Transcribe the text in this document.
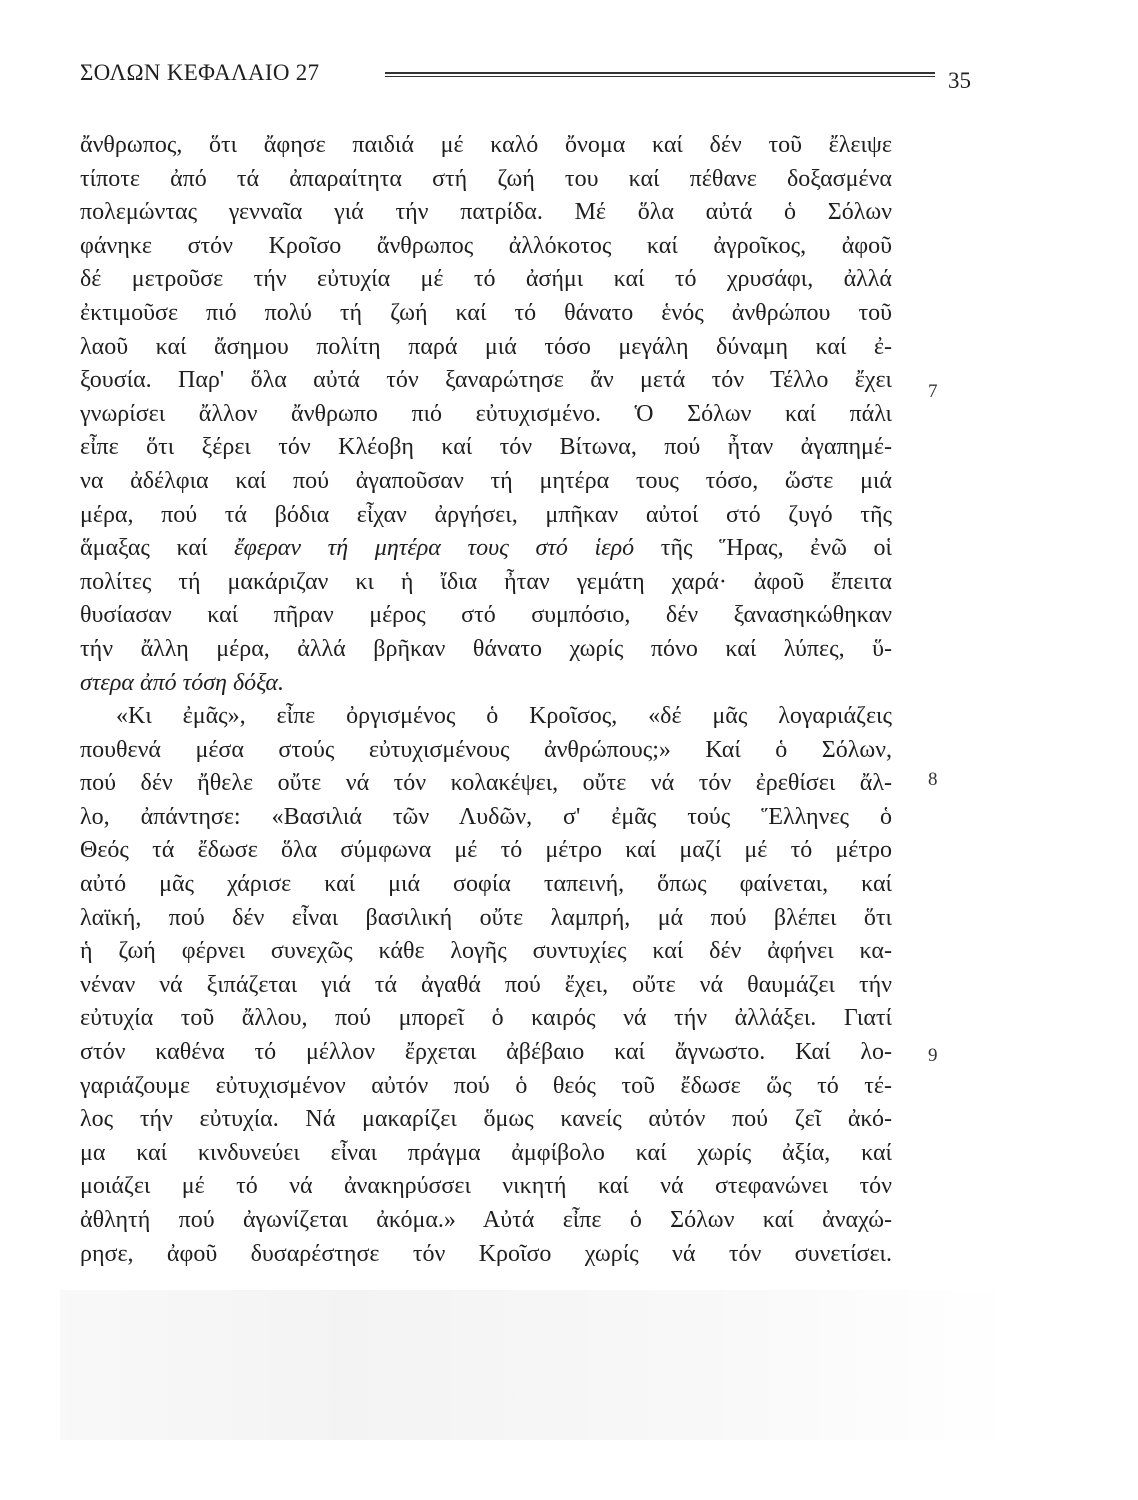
ΣΟΛΩΝ ΚΕΦΑΛΑΙΟ 27	35
ἄνθρωπος, ὅτι ἄφησε παιδιά μέ καλό ὄνομα καί δέν τοῦ ἔλειψε
τίποτε ἀπό τά ἀπαραίτητα στή ζωή του καί πέθανε δοξασμένα
πολεμώντας γενναῖα γιά τήν πατρίδα. Μέ ὅλα αὐτά ὁ Σόλων
φάνηκε στόν Κροῖσο ἄνθρωπος ἀλλόκοτος καί ἀγροῖκος, ἀφοῦ
δέ μετροῦσε τήν εὐτυχία μέ τό ἀσήμι καί τό χρυσάφι, ἀλλά
ἐκτιμοῦσε πιό πολύ τή ζωή καί τό θάνατο ἑνός ἀνθρώπου τοῦ
λαοῦ καί ἄσημου πολίτη παρά μιά τόσο μεγάλη δύναμη καί ἐ-
ξουσία. Παρ' ὅλα αὐτά τόν ξαναρώτησε ἄν μετά τόν Τέλλο ἔχει
γνωρίσει ἄλλον ἄνθρωπο πιό εὐτυχισμένο. Ὁ Σόλων καί πάλι
εἶπε ὅτι ξέρει τόν Κλέοβη καί τόν Βίτωνα, πού ἦταν ἀγαπημέ-
να ἀδέλφια καί πού ἀγαποῦσαν τή μητέρα τους τόσο, ὥστε μιά
μέρα, πού τά βόδια εἶχαν ἀργήσει, μπῆκαν αὐτοί στό ζυγό τῆς
ἅμαξας καί ἔφεραν τή μητέρα τους στό ἱερό τῆς Ἥρας, ἐνῶ οἱ
πολίτες τή μακάριζαν κι ἡ ἴδια ἦταν γεμάτη χαρά· ἀφοῦ ἔπειτα
θυσίασαν καί πῆραν μέρος στό συμπόσιο, δέν ξανασηκώθηκαν
τήν ἄλλη μέρα, ἀλλά βρῆκαν θάνατο χωρίς πόνο καί λύπες, ὕ-
στερα ἀπό τόση δόξα.
«Κι ἐμᾶς», εἶπε ὀργισμένος ὁ Κροῖσος, «δέ μᾶς λογαριάζεις
πουθενά μέσα στούς εὐτυχισμένους ἀνθρώπους;» Καί ὁ Σόλων,
πού δέν ἤθελε οὔτε νά τόν κολακέψει, οὔτε νά τόν ἐρεθίσει ἄλ-
λο, ἀπάντησε: «Βασιλιά τῶν Λυδῶν, σ' ἐμᾶς τούς Ἕλληνες ὁ
Θεός τά ἔδωσε ὅλα σύμφωνα μέ τό μέτρο καί μαζί μέ τό μέτρο
αὐτό μᾶς χάρισε καί μιά σοφία ταπεινή, ὅπως φαίνεται, καί
λαϊκή, πού δέν εἶναι βασιλική οὔτε λαμπρή, μά πού βλέπει ὅτι
ἡ ζωή φέρνει συνεχῶς κάθε λογῆς συντυχίες καί δέν ἀφήνει κα-
νέναν νά ξιπάζεται γιά τά ἀγαθά πού ἔχει, οὔτε νά θαυμάζει τήν
εὐτυχία τοῦ ἄλλου, πού μπορεῖ ὁ καιρός νά τήν ἀλλάξει. Γιατί
στόν καθένα τό μέλλον ἔρχεται ἀβέβαιο καί ἄγνωστο. Καί λο-
γαριάζουμε εὐτυχισμένον αὐτόν πού ὁ θεός τοῦ ἔδωσε ὥς τό τέ-
λος τήν εὐτυχία. Νά μακαρίζει ὅμως κανείς αὐτόν πού ζεῖ ἀκό-
μα καί κινδυνεύει εἶναι πράγμα ἀμφίβολο καί χωρίς ἀξία, καί
μοιάζει μέ τό νά ἀνακηρύσσει νικητή καί νά στεφανώνει τόν
ἀθλητή πού ἀγωνίζεται ἀκόμα.» Αὐτά εἶπε ὁ Σόλων καί ἀναχώ-
ρησε, ἀφοῦ δυσαρέστησε τόν Κροῖσο χωρίς νά τόν συνετίσει.
7
8
9
